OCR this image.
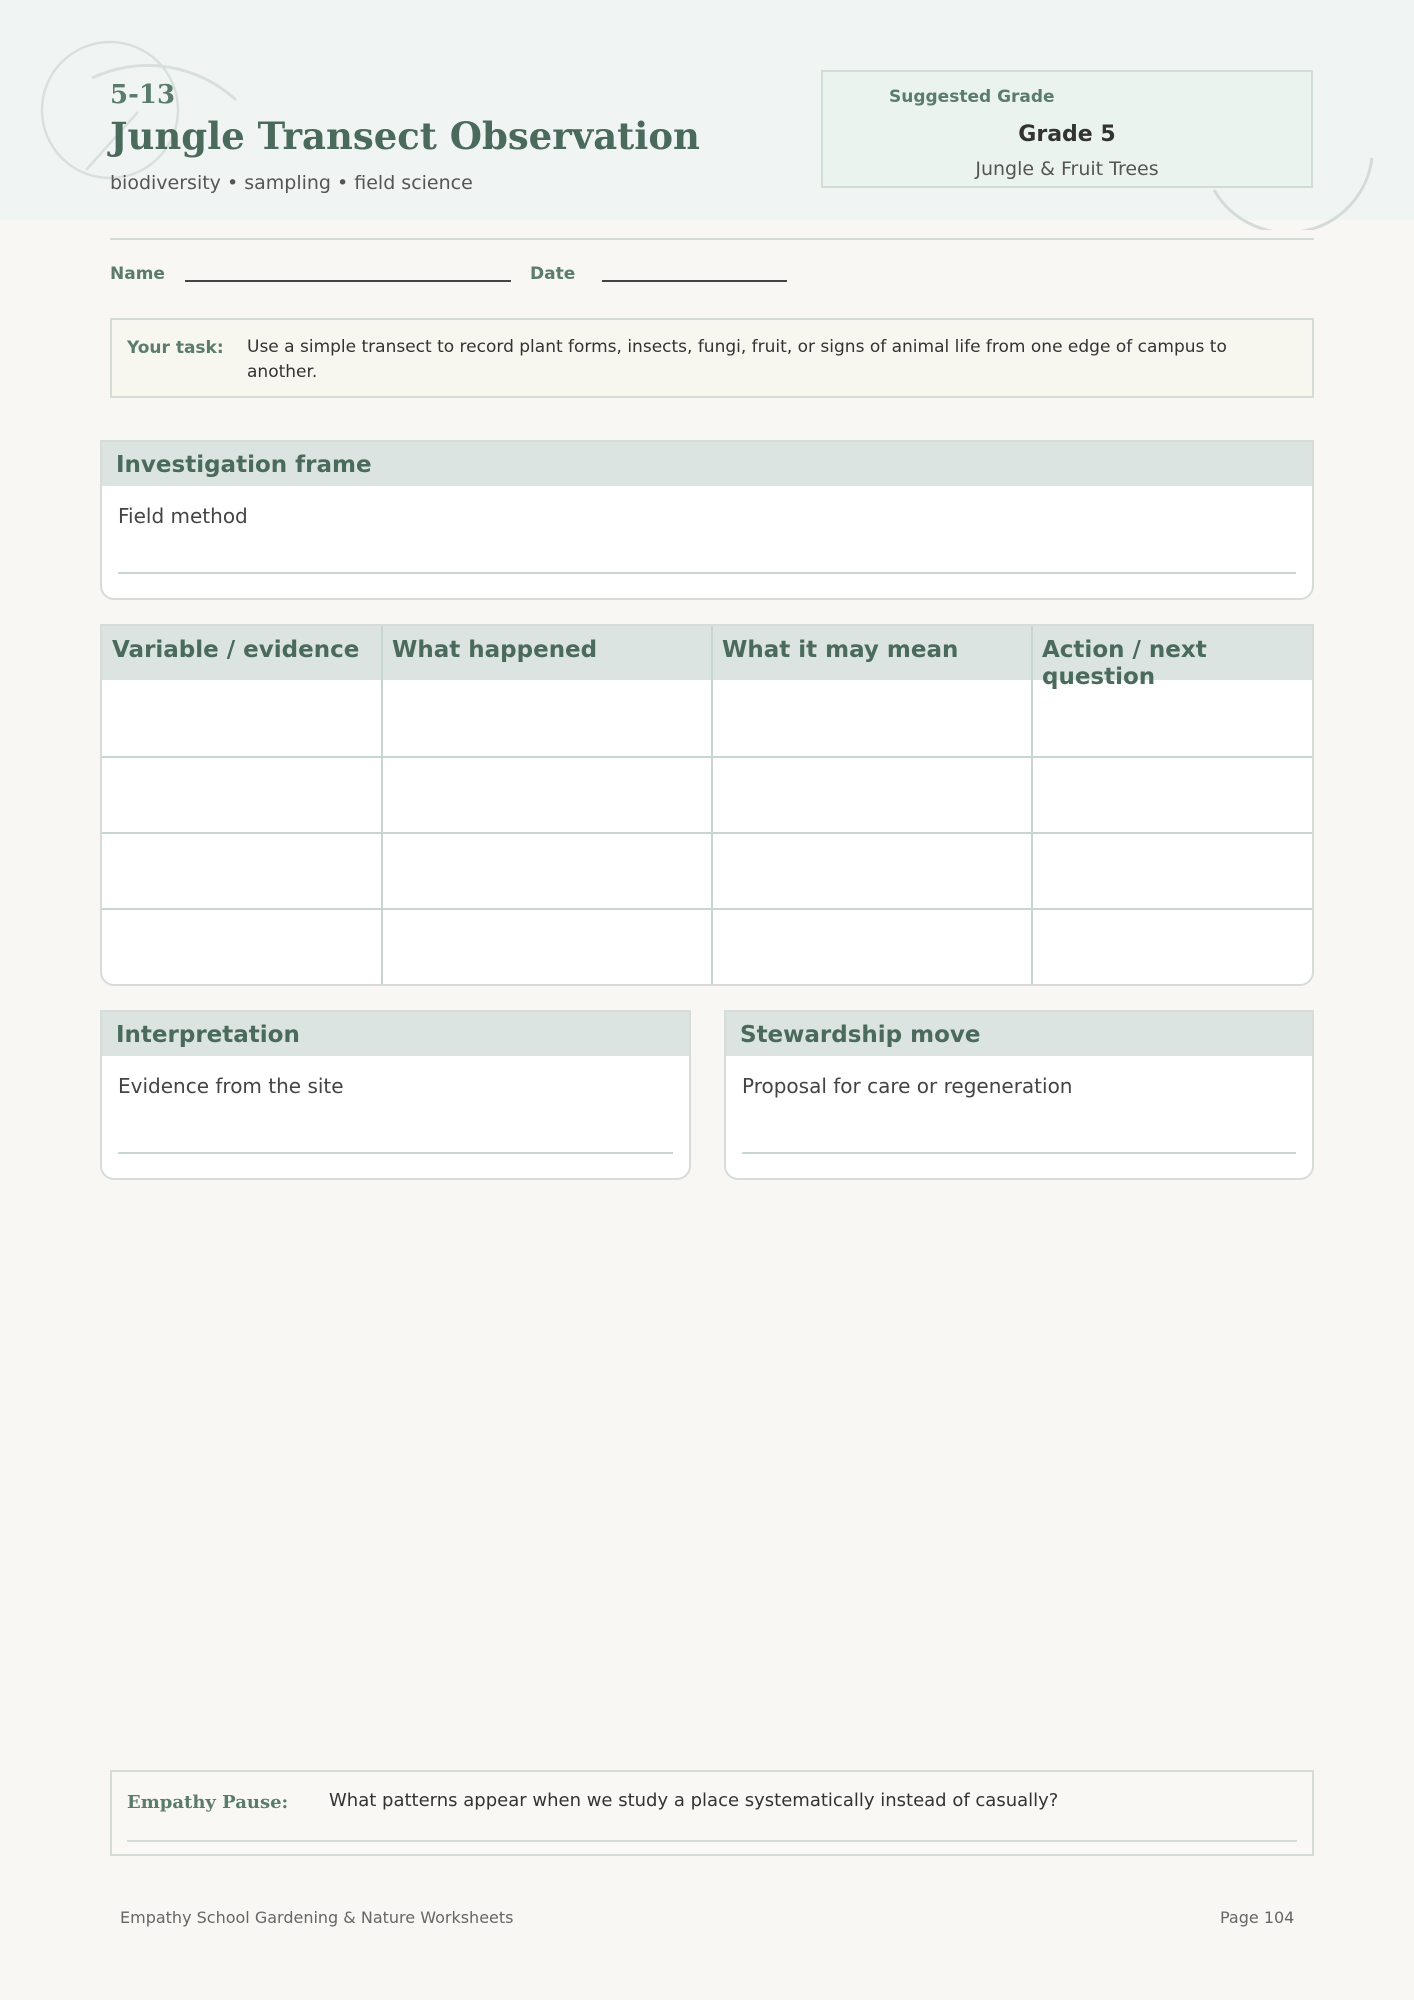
5-13
Jungle Transect Observation
biodiversity • sampling • field science
Suggested Grade
Grade 5
Jungle & Fruit Trees
Name	Date
Your task: Use a simple transect to record plant forms, insects, fungi, fruit, or signs of animal life from one edge of campus to another.
Investigation frame
Field method
Variable / evidence	What happened	What it may mean	Action / next question
Interpretation
Evidence from the site
Stewardship move
Proposal for care or regeneration
Empathy Pause: What patterns appear when we study a place systematically instead of casually?
Empathy School Gardening & Nature Worksheets	Page 104
